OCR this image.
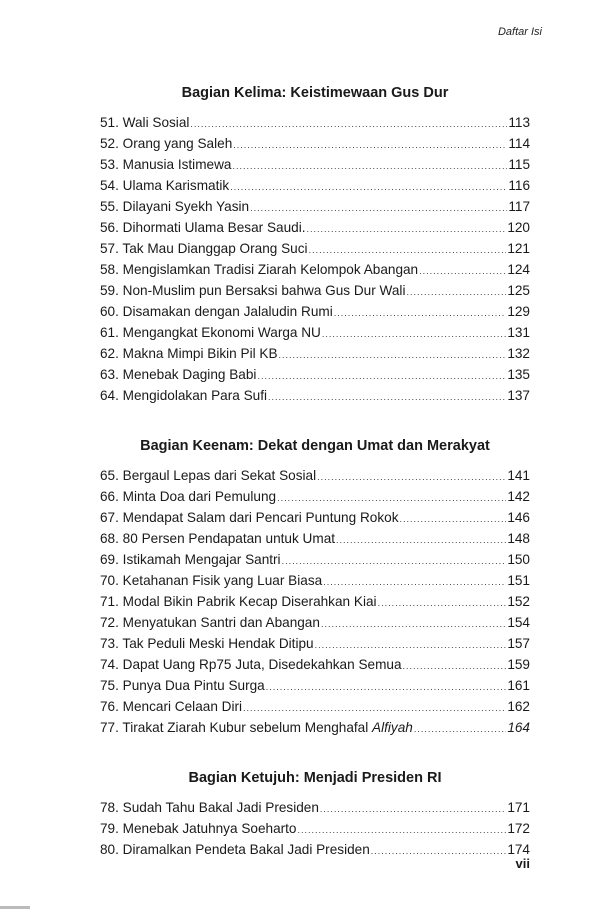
Daftar Isi
Bagian Kelima: Keistimewaan Gus Dur
51. Wali Sosial .....	113
52. Orang yang Saleh .....	114
53. Manusia Istimewa .....	115
54. Ulama Karismatik .....	116
55. Dilayani Syekh Yasin .....	117
56. Dihormati Ulama Besar Saudi. .....	120
57. Tak Mau Dianggap Orang Suci .....	121
58. Mengislamkan Tradisi Ziarah Kelompok Abangan .....	124
59. Non-Muslim pun Bersaksi bahwa Gus Dur Wali .....	125
60. Disamakan dengan Jalaludin Rumi .....	129
61. Mengangkat Ekonomi Warga NU .....	131
62. Makna Mimpi Bikin Pil KB .....	132
63. Menebak Daging Babi .....	135
64. Mengidolakan Para Sufi .....	137
Bagian Keenam: Dekat dengan Umat dan Merakyat
65. Bergaul Lepas dari Sekat Sosial .....	141
66. Minta Doa dari Pemulung .....	142
67. Mendapat Salam dari Pencari Puntung Rokok .....	146
68. 80 Persen Pendapatan untuk Umat .....	148
69. Istikamah Mengajar Santri .....	150
70. Ketahanan Fisik yang Luar Biasa .....	151
71. Modal Bikin Pabrik Kecap Diserahkan Kiai .....	152
72. Menyatukan Santri dan Abangan .....	154
73. Tak Peduli Meski Hendak Ditipu .....	157
74. Dapat Uang Rp75 Juta, Disedekahkan Semua .....	159
75. Punya Dua Pintu Surga .....	161
76. Mencari Celaan Diri .....	162
77. Tirakat Ziarah Kubur sebelum Menghafal Alfiyah .....	164
Bagian Ketujuh: Menjadi Presiden RI
78. Sudah Tahu Bakal Jadi Presiden .....	171
79. Menebak Jatuhnya Soeharto .....	172
80. Diramalkan Pendeta Bakal Jadi Presiden .....	174
vii
